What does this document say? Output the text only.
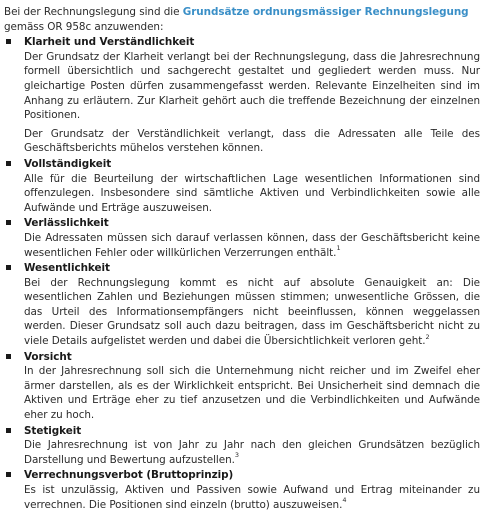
Bei der Rechnungslegung sind die Grundsätze ordnungsmässiger Rechnungslegung gemäss OR 958c anzuwenden:

Klarheit und Verständlichkeit

Der Grundsatz der Klarheit verlangt bei der Rechnungslegung, dass die Jahresrechnung formell übersichtlich und sachgerecht gestaltet und gegliedert werden muss. Nur gleichartige Posten dürfen zusammengefasst werden. Relevante Einzelheiten sind im Anhang zu erläutern. Zur Klarheit gehört auch die treffende Bezeichnung der einzelnen Positionen.

Der Grundsatz der Verständlichkeit verlangt, dass die Adressaten alle Teile des Geschäftsberichts mühelos verstehen können.

Vollständigkeit

Alle für die Beurteilung der wirtschaftlichen Lage wesentlichen Informationen sind offenzulegen. Insbesondere sind sämtliche Aktiven und Verbindlichkeiten sowie alle Aufwände und Erträge auszuweisen.

Verlässlichkeit

Die Adressaten müssen sich darauf verlassen können, dass der Geschäftsbericht keine wesentlichen Fehler oder willkürlichen Verzerrungen enthält.$^1$

Wesentlichkeit

Bei der Rechnungslegung kommt es nicht auf absolute Genauigkeit an: Die wesentlichen Zahlen und Beziehungen müssen stimmen; unwesentliche Grössen, die das Urteil des Informationsempfängers nicht beeinflussen, können weggelassen werden. Dieser Grundsatz soll auch dazu beitragen, dass im Geschäftsbericht nicht zu viele Details aufgelistet werden und dabei die Übersichtlichkeit verloren geht.$^2$

Vorsicht

In der Jahresrechnung soll sich die Unternehmung nicht reicher und im Zweifel eher ärmer darstellen, als es der Wirklichkeit entspricht. Bei Unsicherheit sind demnach die Aktiven und Erträge eher zu tief anzusetzen und die Verbindlichkeiten und Aufwände eher zu hoch.

Stetigkeit

Die Jahresrechnung ist von Jahr zu Jahr nach den gleichen Grundsätzen bezüglich Darstellung und Bewertung aufzustellen.$^3$

Verrechnungsverbot (Bruttoprinzip)

Es ist unzulässig, Aktiven und Passiven sowie Aufwand und Ertrag miteinander zu verrechnen. Die Positionen sind einzeln (brutto) auszuweisen.$^4$
